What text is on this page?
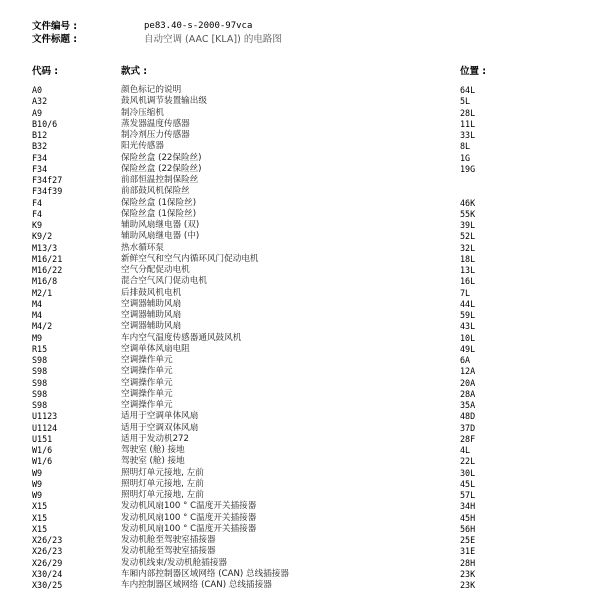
文件编号 :	pe83.40-s-2000-97vca
文件标题 :	自动空调 (AAC [KLA]) 的电路图
代码 :	款式 :	位置 :
A0	颜色标记的说明	64L
A32	鼓风机调节装置输出级	5L
A9	制冷压缩机	28L
B10/6	蒸发器温度传感器	11L
B12	制冷剂压力传感器	33L
B32	阳光传感器	8L
F34	保险丝盒 (22保险丝)	1G
F34	保险丝盒 (22保险丝)	19G
F34f27	前部恒温控制保险丝
F34f39	前部鼓风机保险丝
F4	保险丝盒 (1保险丝)	46K
F4	保险丝盒 (1保险丝)	55K
K9	辅助风扇继电器 (双)	39L
K9/2	辅助风扇继电器 (中)	52L
M13/3	热水循环泵	32L
M16/21	新鲜空气和空气内循环风门促动电机	18L
M16/22	空气分配促动电机	13L
M16/8	混合空气风门促动电机	16L
M2/1	后排鼓风机电机	7L
M4	空调器辅助风扇	44L
M4	空调器辅助风扇	59L
M4/2	空调器辅助风扇	43L
M9	车内空气温度传感器通风鼓风机	10L
R15	空调单体风扇电阻	49L
S98	空调操作单元	6A
S98	空调操作单元	12A
S98	空调操作单元	20A
S98	空调操作单元	28A
S98	空调操作单元	35A
U1123	适用于空调单体风扇	48D
U1124	适用于空调双体风扇	37D
U151	适用于发动机272	28F
W1/6	驾驶室 (舱) 接地	4L
W1/6	驾驶室 (舱) 接地	22L
W9	照明灯单元接地, 左前	30L
W9	照明灯单元接地, 左前	45L
W9	照明灯单元接地, 左前	57L
X15	发动机风扇100 ° C温度开关插接器	34H
X15	发动机风扇100 ° C温度开关插接器	45H
X15	发动机风扇100 ° C温度开关插接器	56H
X26/23	发动机舱至驾驶室插接器	25E
X26/23	发动机舱至驾驶室插接器	31E
X26/29	发动机线束/发动机舱插接器	28H
X30/24	车厢内部控制器区域网络 (CAN) 总线插接器	23K
X30/25	车内控制器区域网络 (CAN) 总线插接器	23K
